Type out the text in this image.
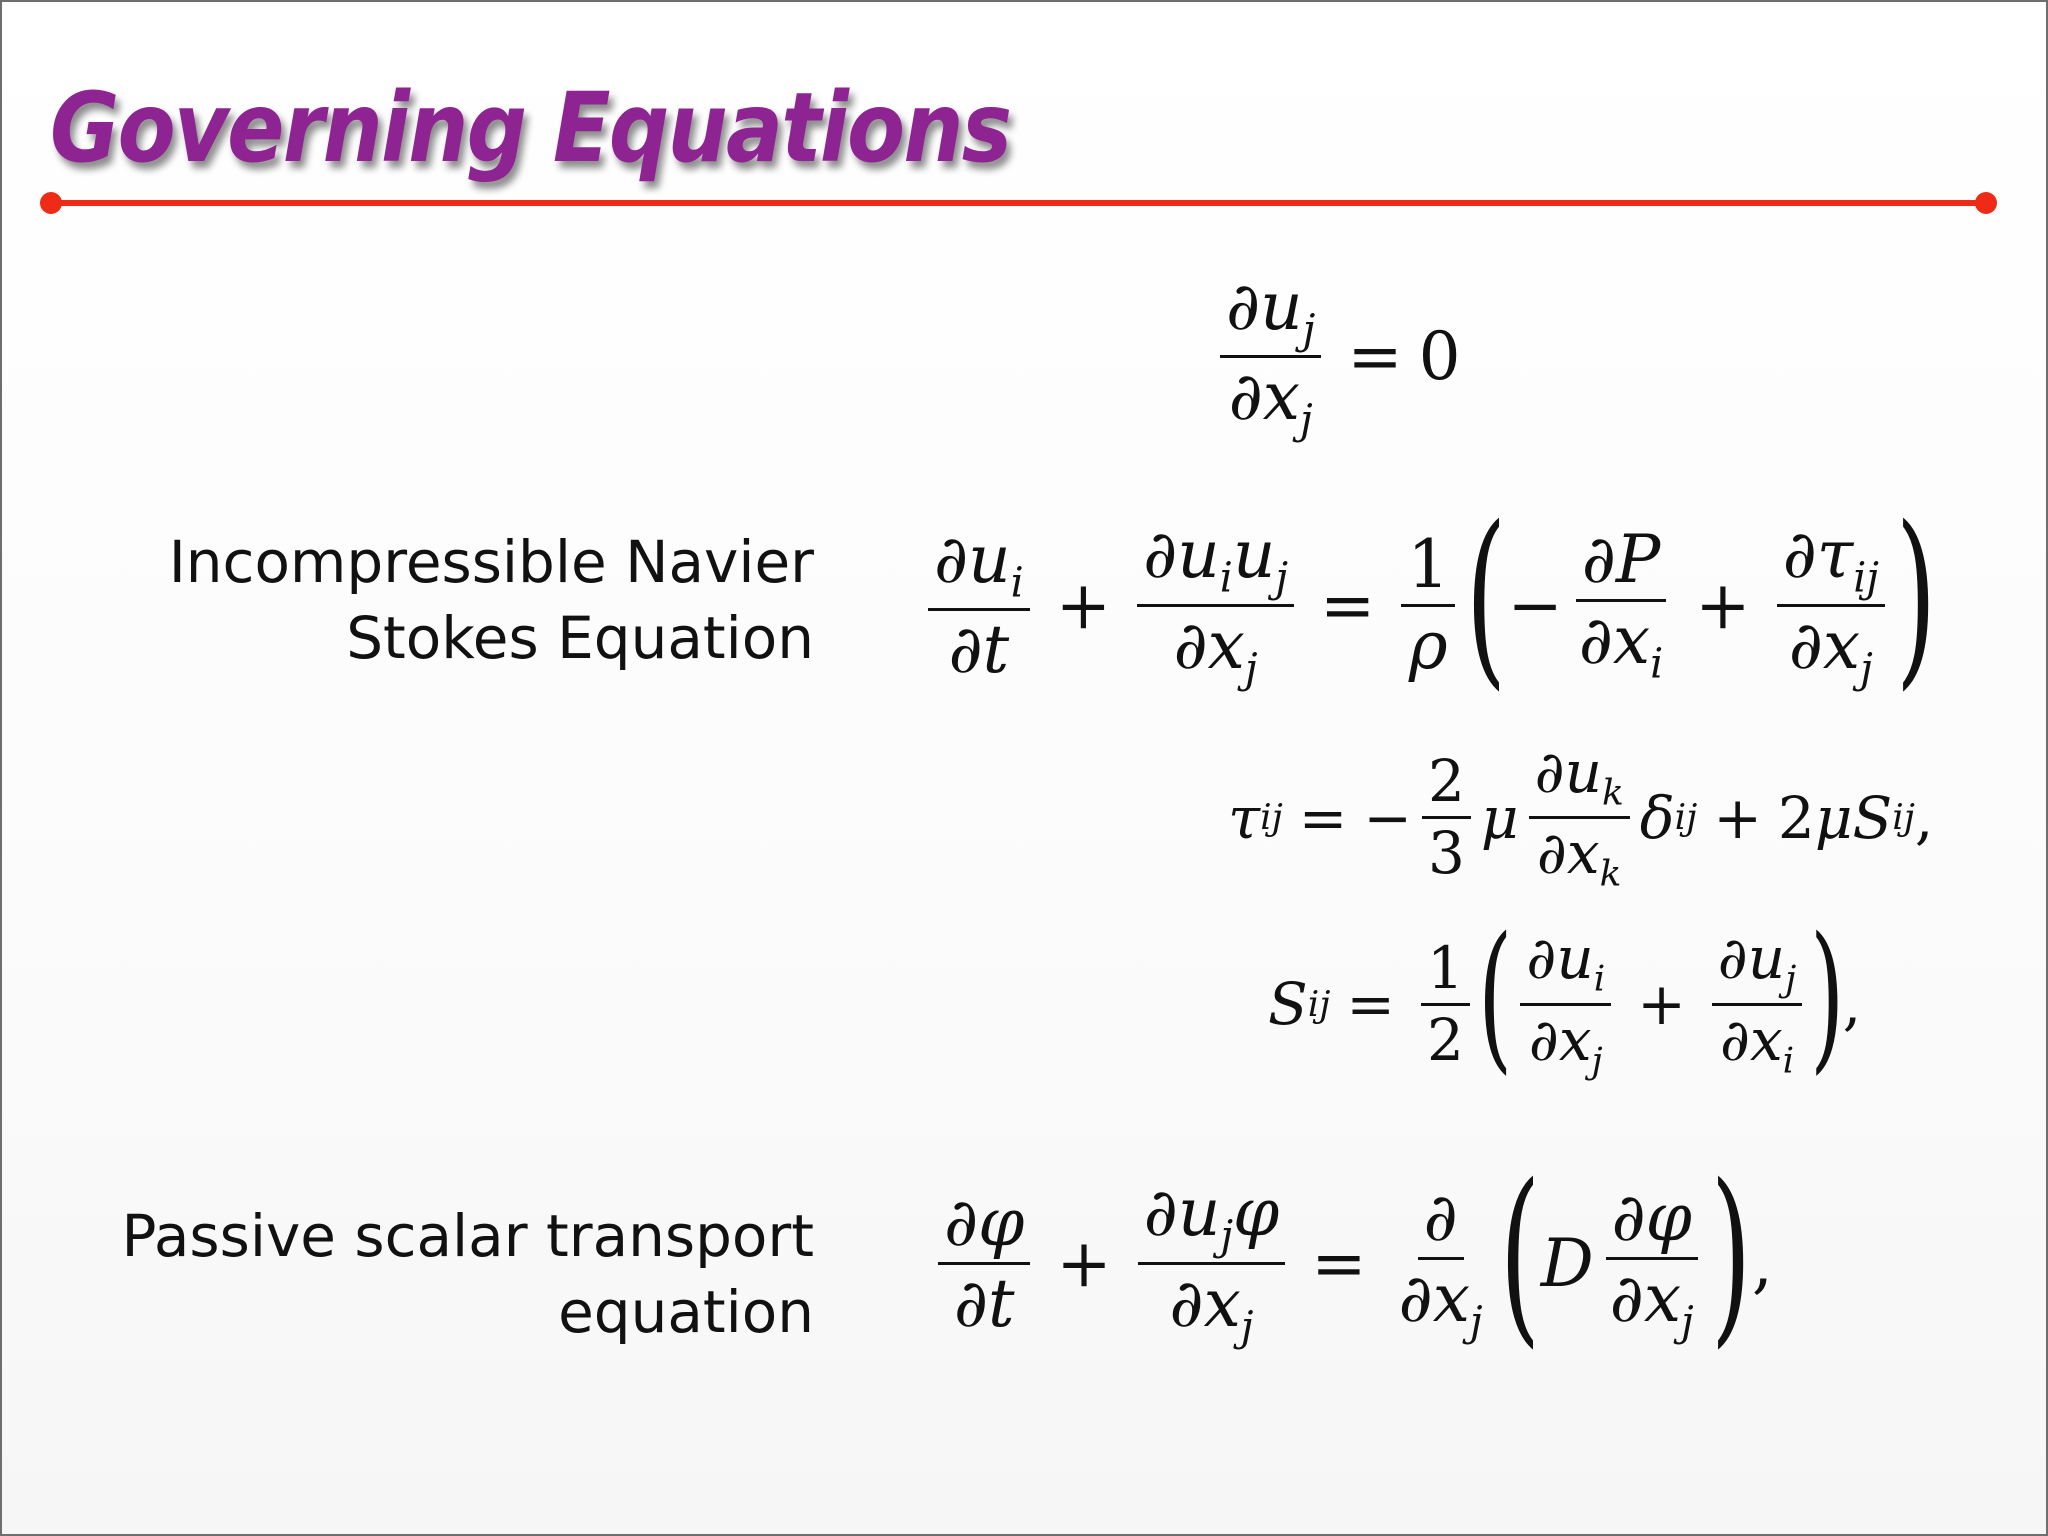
Governing Equations
$\frac{\partial u_j}{\partial x_j} = 0$
Incompressible Navier
Stokes Equation $\frac{\partial u_i}{\partial t} + \frac{\partial u_iu_j}{\partial x_j} = \frac{1}{\rho}$ ( − $\frac{\partial P}{\partial x_i} + \frac{\partial\tau_{ij}}{\partial x_j}$ )
τ ij = − $\frac{2}{3}$ μ $\frac{\partial u_k}{\partial x_k}$ δ ij + 2μS ij ,
S ij = $\frac{1}{2}$ ( $\frac{\partial u_i}{\partial x_j} + \frac{\partial u_j}{\partial x_i}$ )
,
Passive scalar transport
equation $\frac{\partial\varphi}{\partial t} + \frac{\partial u_j\varphi}{\partial x_j} = \frac{\partial}{\partial x_j}$ ( D $\frac{\partial\varphi}{\partial x_j}$ ) ,
